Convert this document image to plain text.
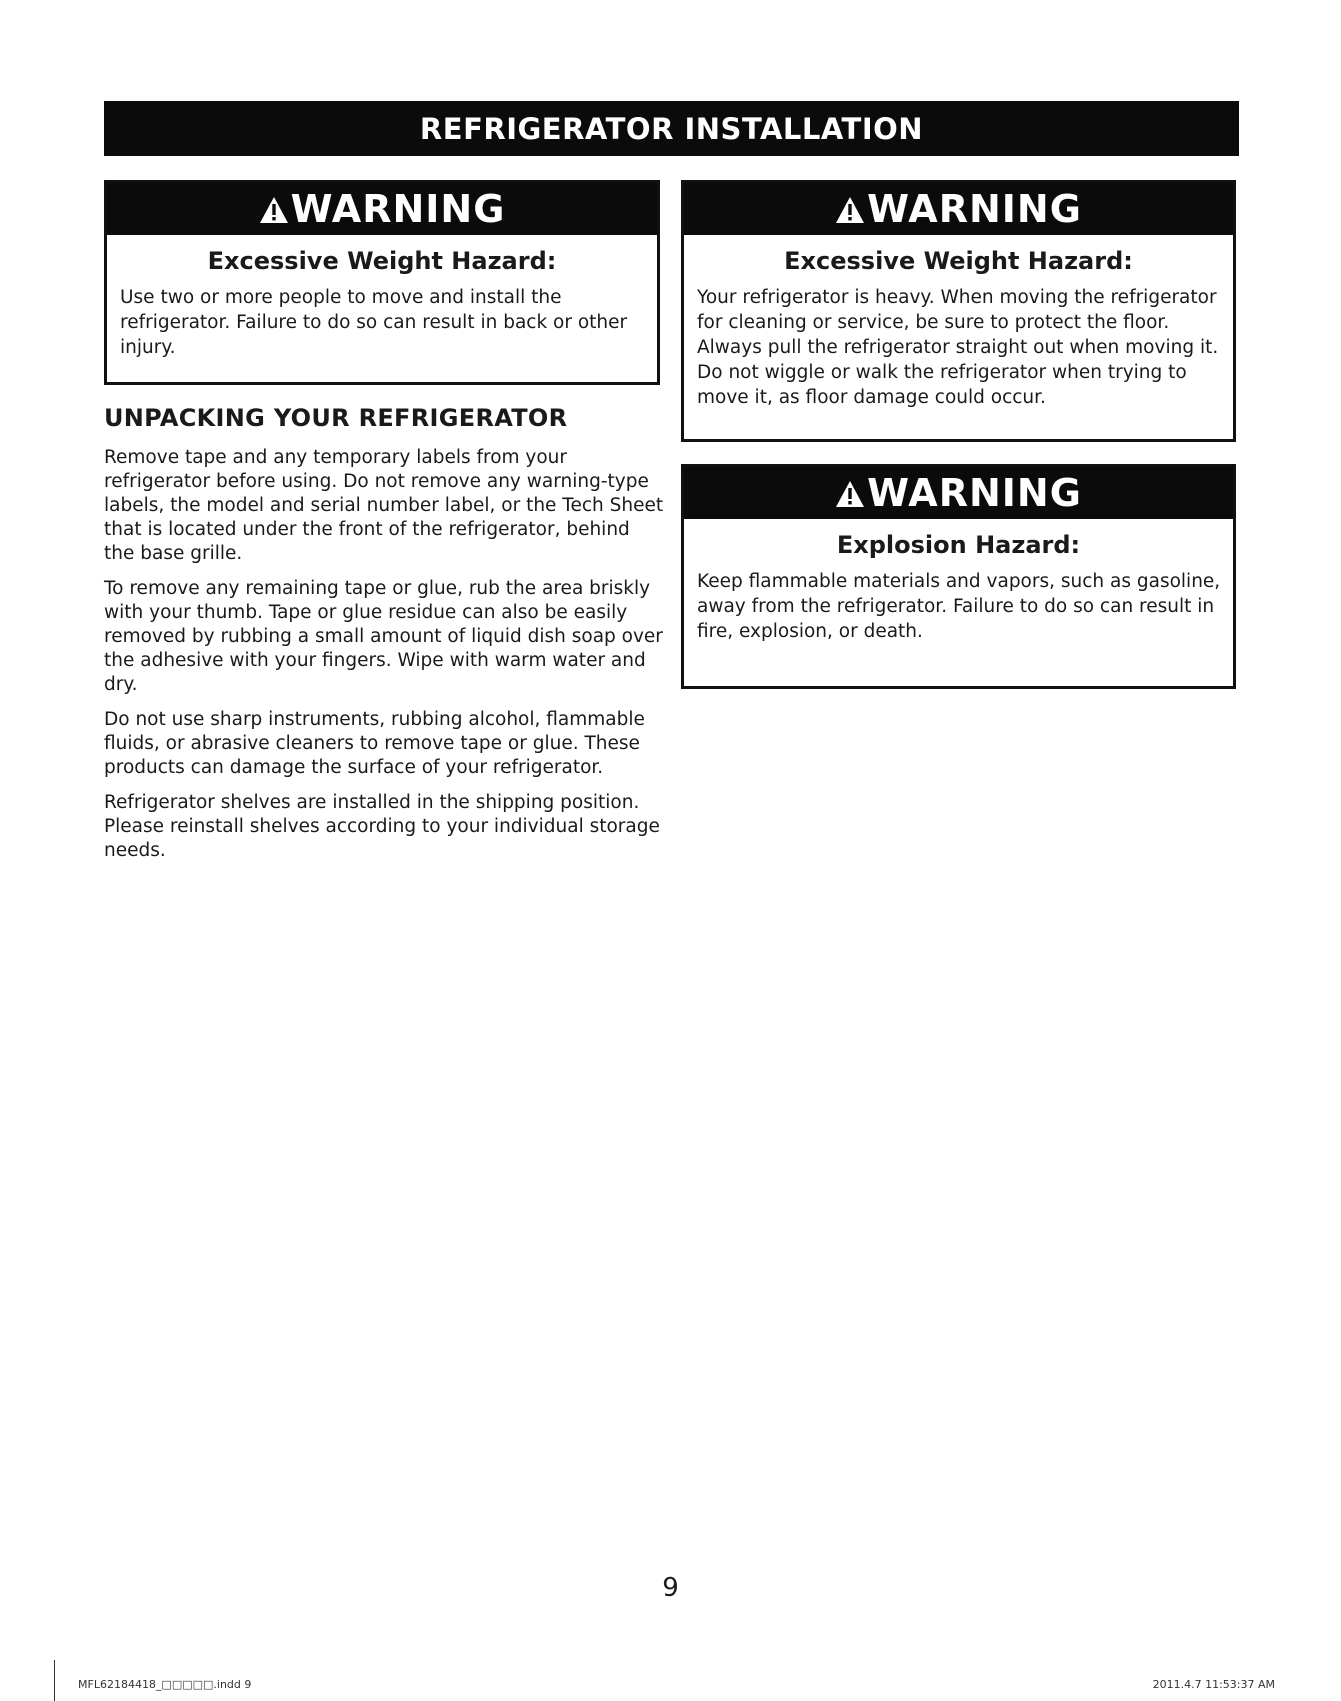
REFRIGERATOR INSTALLATION
WARNING
Excessive Weight Hazard:

Use two or more people to move and install the refrigerator. Failure to do so can result in back or other injury.

WARNING
Excessive Weight Hazard:

Your refrigerator is heavy. When moving the refrigerator for cleaning or service, be sure to protect the floor. Always pull the refrigerator straight out when moving it. Do not wiggle or walk the refrigerator when trying to move it, as floor damage could occur.

WARNING
Explosion Hazard:

Keep flammable materials and vapors, such as gasoline, away from the refrigerator. Failure to do so can result in fire, explosion, or death.

UNPACKING YOUR REFRIGERATOR

Remove tape and any temporary labels from your refrigerator before using. Do not remove any warning-type labels, the model and serial number label, or the Tech Sheet that is located under the front of the refrigerator, behind the base grille.

To remove any remaining tape or glue, rub the area briskly with your thumb. Tape or glue residue can also be easily removed by rubbing a small amount of liquid dish soap over the adhesive with your fingers. Wipe with warm water and dry.

Do not use sharp instruments, rubbing alcohol, flammable fluids, or abrasive cleaners to remove tape or glue. These products can damage the surface of your refrigerator.

Refrigerator shelves are installed in the shipping position. Please reinstall shelves according to your individual storage needs.

9
MFL62184418_□□□□□.indd 9	2011.4.7 11:53:37 AM
